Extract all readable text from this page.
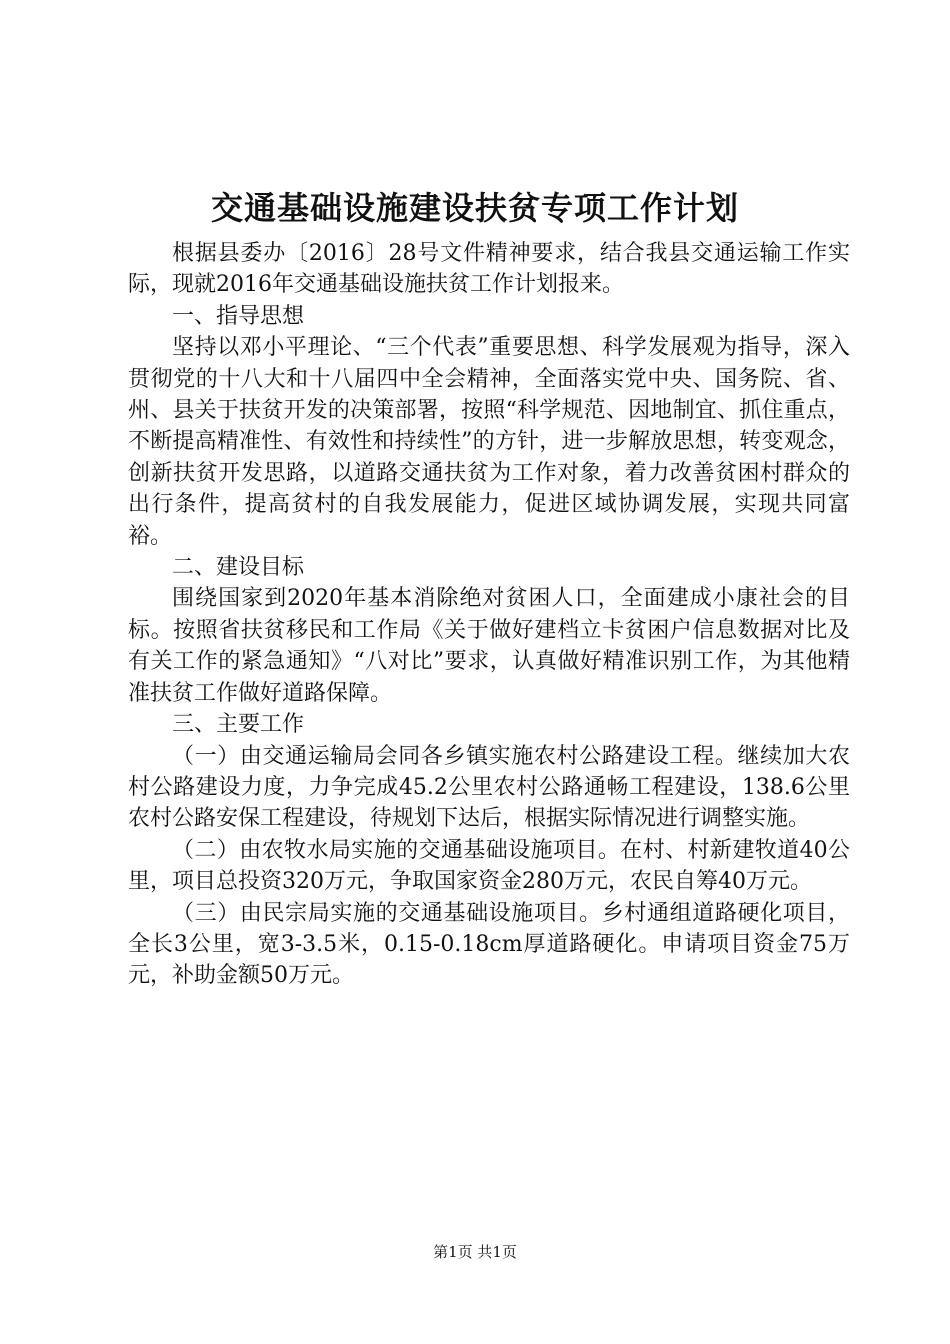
交通基础设施建设扶贫专项工作计划

根据县委办〔2016〕28号文件精神要求，结合我县交通运输工作实际，现就2016年交通基础设施扶贫工作计划报来。

一、指导思想

坚持以邓小平理论、“三个代表”重要思想、科学发展观为指导，深入贯彻党的十八大和十八届四中全会精神，全面落实党中央、国务院、省、州、县关于扶贫开发的决策部署，按照“科学规范、因地制宜、抓住重点，不断提高精准性、有效性和持续性”的方针，进一步解放思想，转变观念，创新扶贫开发思路，以道路交通扶贫为工作对象，着力改善贫困村群众的出行条件，提高贫村的自我发展能力，促进区域协调发展，实现共同富裕。

二、建设目标

围绕国家到2020年基本消除绝对贫困人口，全面建成小康社会的目标。按照省扶贫移民和工作局《关于做好建档立卡贫困户信息数据对比及有关工作的紧急通知》“八对比”要求，认真做好精准识别工作，为其他精准扶贫工作做好道路保障。

三、主要工作

（一）由交通运输局会同各乡镇实施农村公路建设工程。继续加大农村公路建设力度，力争完成45.2公里农村公路通畅工程建设，138.6公里农村公路安保工程建设，待规划下达后，根据实际情况进行调整实施。

（二）由农牧水局实施的交通基础设施项目。在村、村新建牧道40公里，项目总投资320万元，争取国家资金280万元，农民自筹40万元。

（三）由民宗局实施的交通基础设施项目。乡村通组道路硬化项目，全长3公里，宽3-3.5米，0.15-0.18cm厚道路硬化。申请项目资金75万元，补助金额50万元。

第1页 共1页
